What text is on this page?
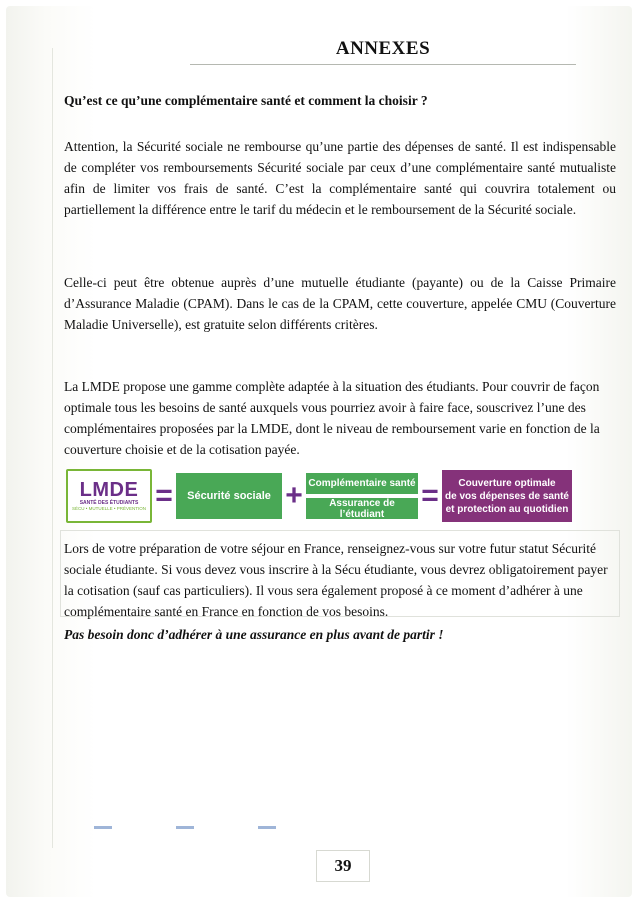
ANNEXES
Qu’est ce qu’une complémentaire santé et comment la choisir ?

Attention, la Sécurité sociale ne rembourse qu’une partie des dépenses de santé. Il est indispensable de compléter vos remboursements Sécurité sociale par ceux d’une complémentaire santé mutualiste afin de limiter vos frais de santé. C’est la complémentaire santé qui couvrira totalement ou partiellement la différence entre le tarif du médecin et le remboursement de la Sécurité sociale.

Celle-ci peut être obtenue auprès d’une mutuelle étudiante (payante) ou de la Caisse Primaire d’Assurance Maladie (CPAM). Dans le cas de la CPAM, cette couverture, appelée CMU (Couverture Maladie Universelle), est gratuite selon différents critères.

La LMDE propose une gamme complète adaptée à la situation des étudiants. Pour couvrir de façon optimale tous les besoins de santé auxquels vous pourriez avoir à faire face, souscrivez l’une des complémentaires proposées par la LMDE, dont le niveau de remboursement varie en fonction de la couverture choisie et de la cotisation payée.

LMDE
SANTÉ DES ÉTUDIANTS
SÉCU • MUTUELLE • PRÉVENTION =	Sécurité sociale + Complémentaire santé
Assurance de l’étudiant
=	Couverture optimale
de vos dépenses de santé
et protection au quotidien

Lors de votre préparation de votre séjour en France, renseignez-vous sur votre futur statut Sécurité sociale étudiante. Si vous devez vous inscrire à la Sécu étudiante, vous devrez obligatoirement payer la cotisation (sauf cas particuliers). Il vous sera également proposé à ce moment d’adhérer à une complémentaire santé en France en fonction de vos besoins.

Pas besoin donc d’adhérer à une assurance en plus avant de partir !
39
